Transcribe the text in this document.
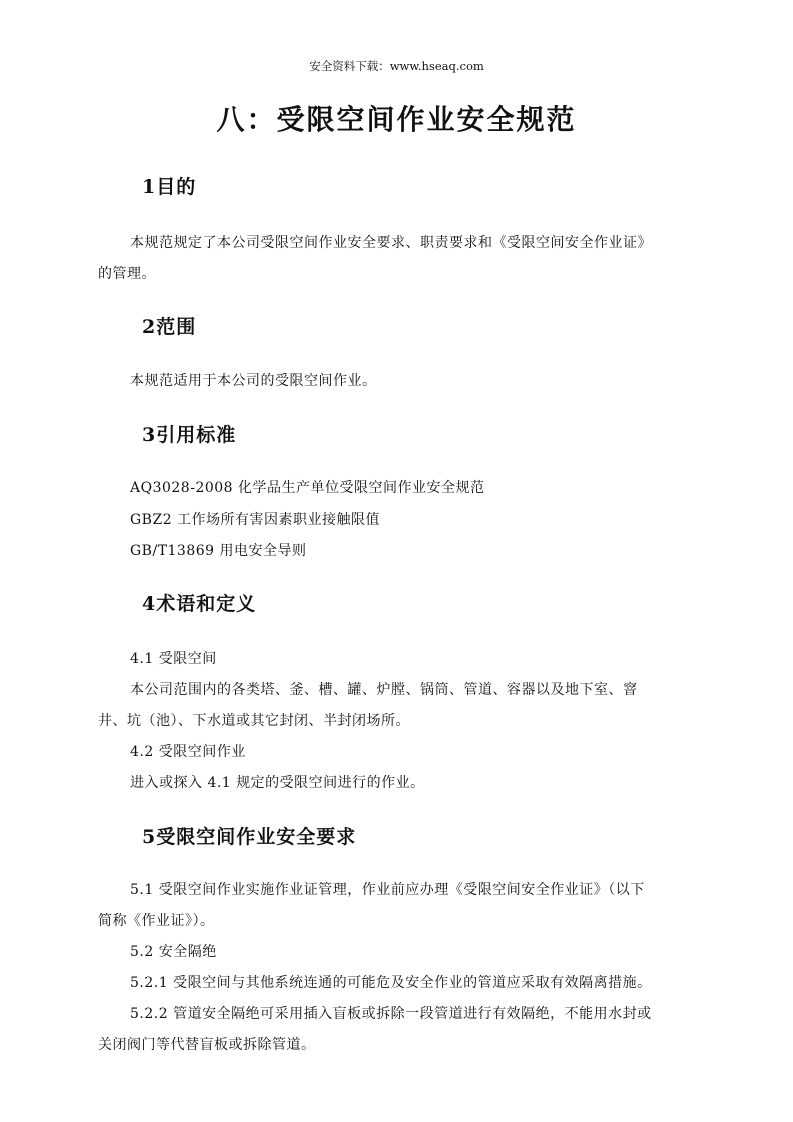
安全资料下载：www.hseaq.com

八：受限空间作业安全规范
1目的

本规范规定了本公司受限空间作业安全要求、职责要求和《受限空间安全作业证》

的管理。

2范围

本规范适用于本公司的受限空间作业。

3引用标准

AQ3028-2008 化学品生产单位受限空间作业安全规范

GBZ2 工作场所有害因素职业接触限值

GB/T13869 用电安全导则

4术语和定义

4.1 受限空间

本公司范围内的各类塔、釜、槽、罐、炉膛、锅筒、管道、容器以及地下室、窨

井、坑（池）、下水道或其它封闭、半封闭场所。

4.2 受限空间作业

进入或探入 4.1 规定的受限空间进行的作业。

5受限空间作业安全要求

5.1 受限空间作业实施作业证管理，作业前应办理《受限空间安全作业证》（以下

简称《作业证》）。

5.2 安全隔绝

5.2.1 受限空间与其他系统连通的可能危及安全作业的管道应采取有效隔离措施。

5.2.2 管道安全隔绝可采用插入盲板或拆除一段管道进行有效隔绝，不能用水封或

关闭阀门等代替盲板或拆除管道。
